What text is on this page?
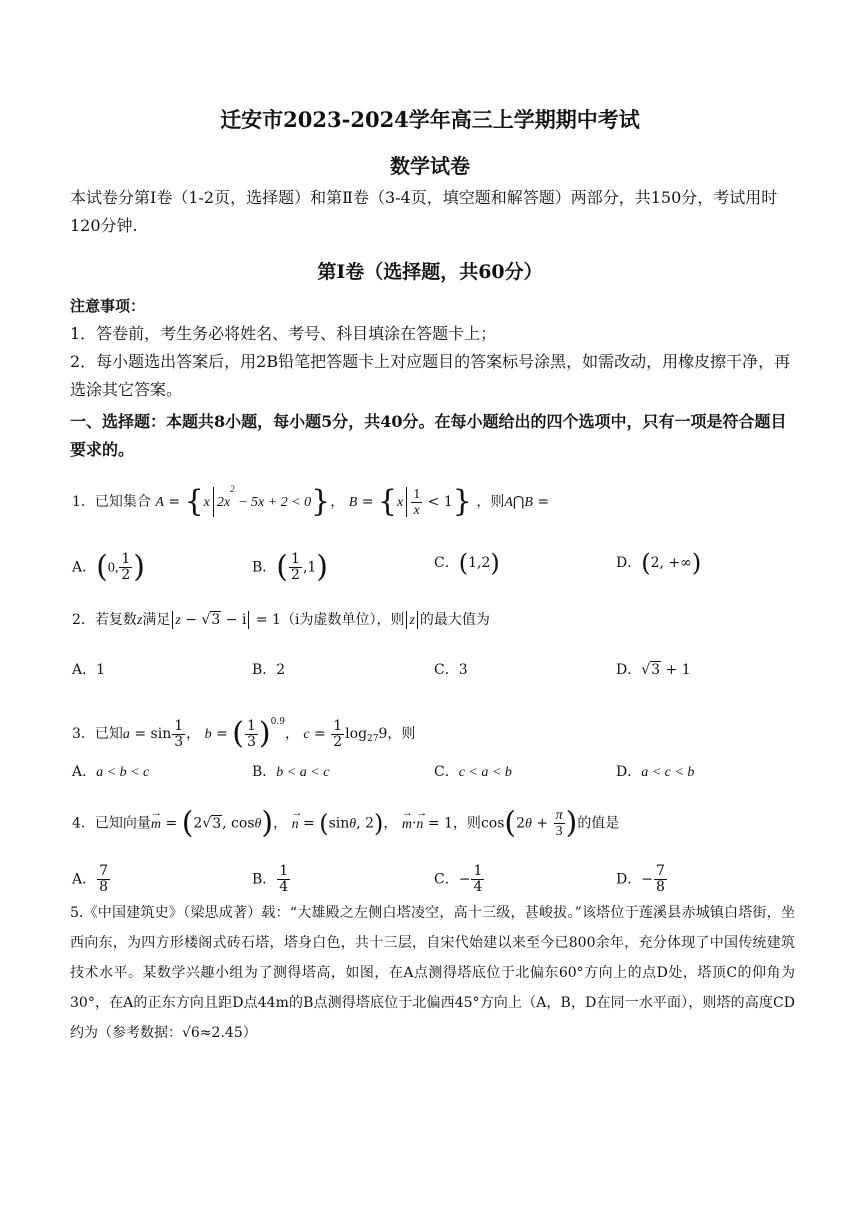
迁安市2023-2024学年高三上学期期中考试
数学试卷
本试卷分第Ⅰ卷（1-2页，选择题）和第Ⅱ卷（3-4页，填空题和解答题）两部分，共150分，考试用时120分钟.
第Ⅰ卷（选择题，共60分）
注意事项：
1．答卷前，考生务必将姓名、考号、科目填涂在答题卡上；
2．每小题选出答案后，用2B铅笔把答题卡上对应题目的答案标号涂黑，如需改动，用橡皮擦干净，再选涂其它答案。
一、选择题：本题共8小题，每小题5分，共40分。在每小题给出的四个选项中，只有一项是符合题目要求的。
1．已知集合 A = {x $2x^2 - 5x + 2 < 0$}， $B = \{x \frac{1}{x} < 1\}$ ，则A⋂B =
A．(0, $\frac{1}{2}$ )	B．( $\frac{1}{2} ,1$)	C．(1,2)	D．(2, +∞)
2．若复数z满足 z − √3 − i = 1（i为虚数单位），则 z 的最大值为
A．1	B．2	C．3	D．√3 + 1
3．已知$a = \sin \frac{1}{3}$ ， b = ( $\frac{1}{3} )^{0.9}$， $c = \frac{1}{2} \log_{27}9$，则
A．a < b < c	B．b < a < c	C．c < a < b	D．a < c < b
4．已知向量→ m = (2√3, cosθ)， → n = (sinθ, 2)， → m·→ n = 1，则$\cos(2\theta + \frac{\pi}{3}$ )的值是
A． $\frac{7}{8}$	B． $\frac{1}{4}$	C．− $\frac{1}{4}$	D．− $\frac{7}{8}$
5.《中国建筑史》（梁思成著）载：“大雄殿之左侧白塔凌空，高十三级，甚峻拔。”该塔位于莲溪县赤城镇白塔街，坐西向东，为四方形楼阁式砖石塔，塔身白色，共十三层，自宋代始建以来至今已800余年，充分体现了中国传统建筑技术水平。某数学兴趣小组为了测得塔高，如图，在A点测得塔底位于北偏东60°方向上的点D处，塔顶C的仰角为30°，在A的正东方向且距D点44m的B点测得塔底位于北偏西45°方向上（A，B，D在同一水平面），则塔的高度CD约为（参考数据：√6≈2.45）
